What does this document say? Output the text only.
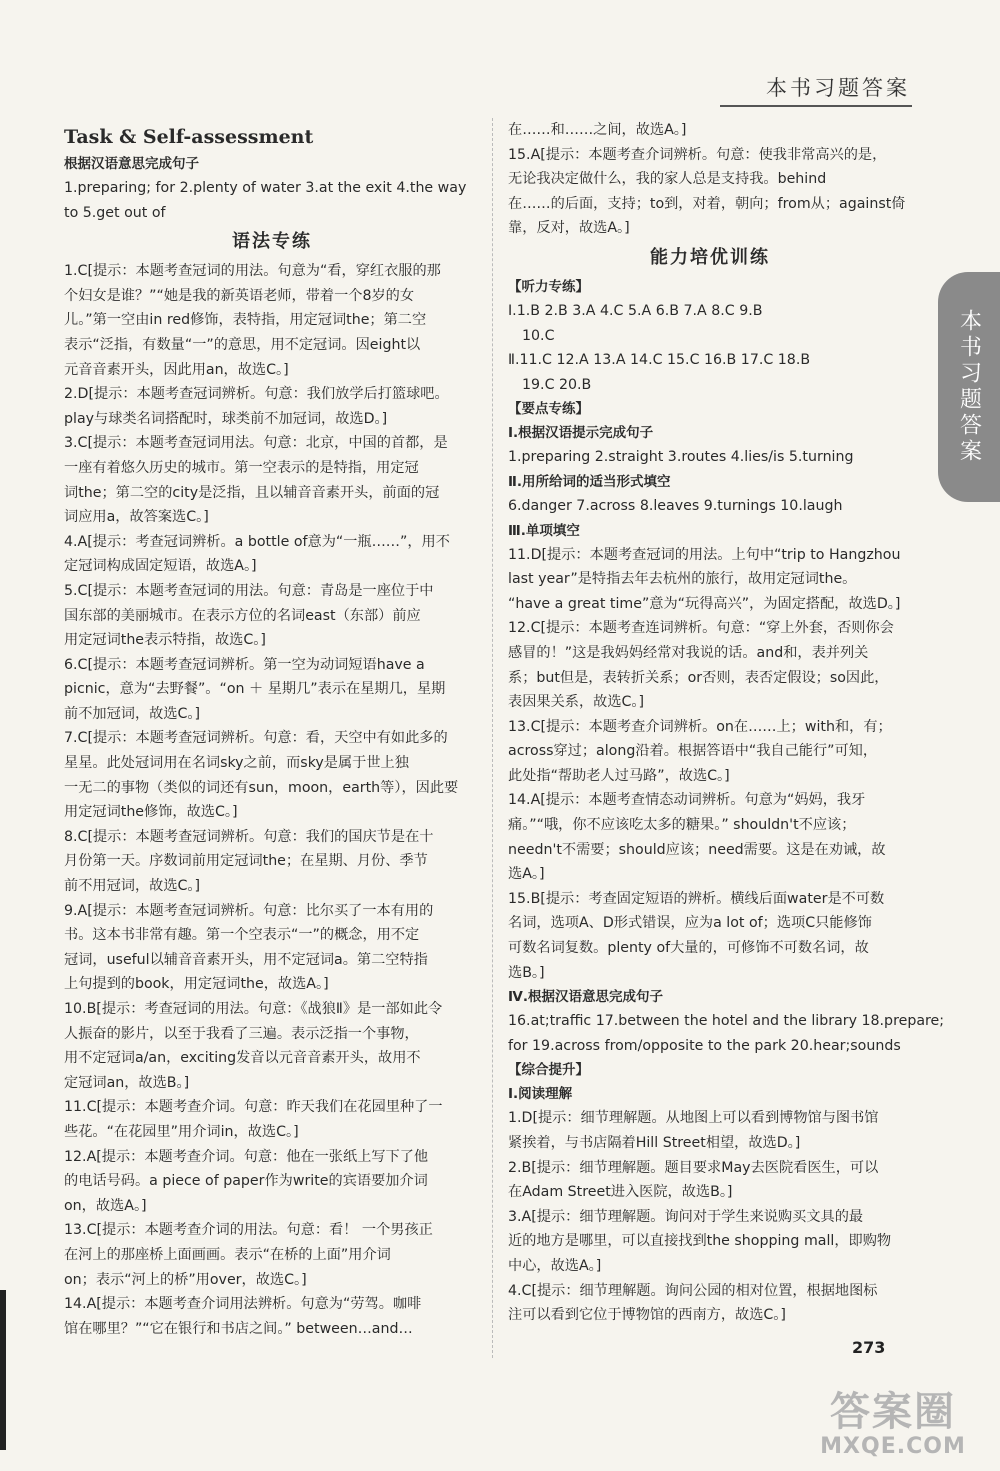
本书习题答案
本书习题答案
Task & Self-assessment
根据汉语意思完成句子
1.preparing; for 2.plenty of water 3.at the exit 4.the way
to 5.get out of
语法专练
1.C[提示：本题考查冠词的用法。句意为“看，穿红衣服的那
个妇女是谁？”“她是我的新英语老师，带着一个8岁的女
儿。”第一空由in red修饰，表特指，用定冠词the；第二空
表示“泛指，有数量“一”的意思，用不定冠词。因eight以
元音音素开头，因此用an，故选C。]
2.D[提示：本题考查冠词辨析。句意：我们放学后打篮球吧。
play与球类名词搭配时，球类前不加冠词，故选D。]
3.C[提示：本题考查冠词用法。句意：北京，中国的首都，是
一座有着悠久历史的城市。第一空表示的是特指，用定冠
词the；第二空的city是泛指，且以辅音音素开头，前面的冠
词应用a，故答案选C。]
4.A[提示：考查冠词辨析。a bottle of意为“一瓶……”，用不
定冠词构成固定短语，故选A。]
5.C[提示：本题考查冠词的用法。句意：青岛是一座位于中
国东部的美丽城市。在表示方位的名词east（东部）前应
用定冠词the表示特指，故选C。]
6.C[提示：本题考查冠词辨析。第一空为动词短语have a
picnic，意为“去野餐”。“on ＋ 星期几”表示在星期几，星期
前不加冠词，故选C。]
7.C[提示：本题考查冠词辨析。句意：看，天空中有如此多的
星星。此处冠词用在名词sky之前，而sky是属于世上独
一无二的事物（类似的词还有sun，moon，earth等），因此要
用定冠词the修饰，故选C。]
8.C[提示：本题考查冠词辨析。句意：我们的国庆节是在十
月份第一天。序数词前用定冠词the；在星期、月份、季节
前不用冠词，故选C。]
9.A[提示：本题考查冠词辨析。句意：比尔买了一本有用的
书。这本书非常有趣。第一个空表示“一”的概念，用不定
冠词，useful以辅音音素开头，用不定冠词a。第二空特指
上句提到的book，用定冠词the，故选A。]
10.B[提示：考查冠词的用法。句意：《战狼Ⅱ》是一部如此令
人振奋的影片，以至于我看了三遍。表示泛指一个事物，
用不定冠词a/an，exciting发音以元音音素开头，故用不
定冠词an，故选B。]
11.C[提示：本题考查介词。句意：昨天我们在花园里种了一
些花。“在花园里”用介词in，故选C。]
12.A[提示：本题考查介词。句意：他在一张纸上写下了他
的电话号码。a piece of paper作为write的宾语要加介词
on，故选A。]
13.C[提示：本题考查介词的用法。句意：看！ 一个男孩正
在河上的那座桥上面画画。表示“在桥的上面”用介词
on；表示“河上的桥”用over，故选C。]
14.A[提示：本题考查介词用法辨析。句意为“劳驾。咖啡
馆在哪里？”“它在银行和书店之间。” between…and…
在……和……之间，故选A。]
15.A[提示：本题考查介词辨析。句意：使我非常高兴的是，
无论我决定做什么，我的家人总是支持我。behind
在……的后面，支持；to到，对着，朝向；from从；against倚
靠，反对，故选A。]
能力培优训练
【听力专练】
Ⅰ.1.B 2.B 3.A 4.C 5.A 6.B 7.A 8.C 9.B
10.C
Ⅱ.11.C 12.A 13.A 14.C 15.C 16.B 17.C 18.B
19.C 20.B
【要点专练】
Ⅰ.根据汉语提示完成句子
1.preparing 2.straight 3.routes 4.lies/is 5.turning
Ⅱ.用所给词的适当形式填空
6.danger 7.across 8.leaves 9.turnings 10.laugh
Ⅲ.单项填空
11.D[提示：本题考查冠词的用法。上句中“trip to Hangzhou
last year”是特指去年去杭州的旅行，故用定冠词the。
“have a great time”意为“玩得高兴”，为固定搭配，故选D。]
12.C[提示：本题考查连词辨析。句意：“穿上外套，否则你会
感冒的！”这是我妈妈经常对我说的话。and和，表并列关
系；but但是，表转折关系；or否则，表否定假设；so因此，
表因果关系，故选C。]
13.C[提示：本题考查介词辨析。on在……上；with和，有；
across穿过；along沿着。根据答语中“我自己能行”可知，
此处指“帮助老人过马路”，故选C。]
14.A[提示：本题考查情态动词辨析。句意为“妈妈，我牙
痛。”“哦，你不应该吃太多的糖果。” shouldn't不应该；
needn't不需要；should应该；need需要。这是在劝诫，故
选A。]
15.B[提示：考查固定短语的辨析。横线后面water是不可数
名词，选项A、D形式错误，应为a lot of；选项C只能修饰
可数名词复数。plenty of大量的，可修饰不可数名词，故
选B。]
Ⅳ.根据汉语意思完成句子
16.at;traffic 17.between the hotel and the library 18.prepare;
for 19.across from/opposite to the park 20.hear;sounds
【综合提升】
Ⅰ.阅读理解
1.D[提示：细节理解题。从地图上可以看到博物馆与图书馆
紧挨着，与书店隔着Hill Street相望，故选D。]
2.B[提示：细节理解题。题目要求May去医院看医生，可以
在Adam Street进入医院，故选B。]
3.A[提示：细节理解题。询问对于学生来说购买文具的最
近的地方是哪里，可以直接找到the shopping mall，即购物
中心，故选A。]
4.C[提示：细节理解题。询问公园的相对位置，根据地图标
注可以看到它位于博物馆的西南方，故选C。]
273
答案圈
MXQE.COM
